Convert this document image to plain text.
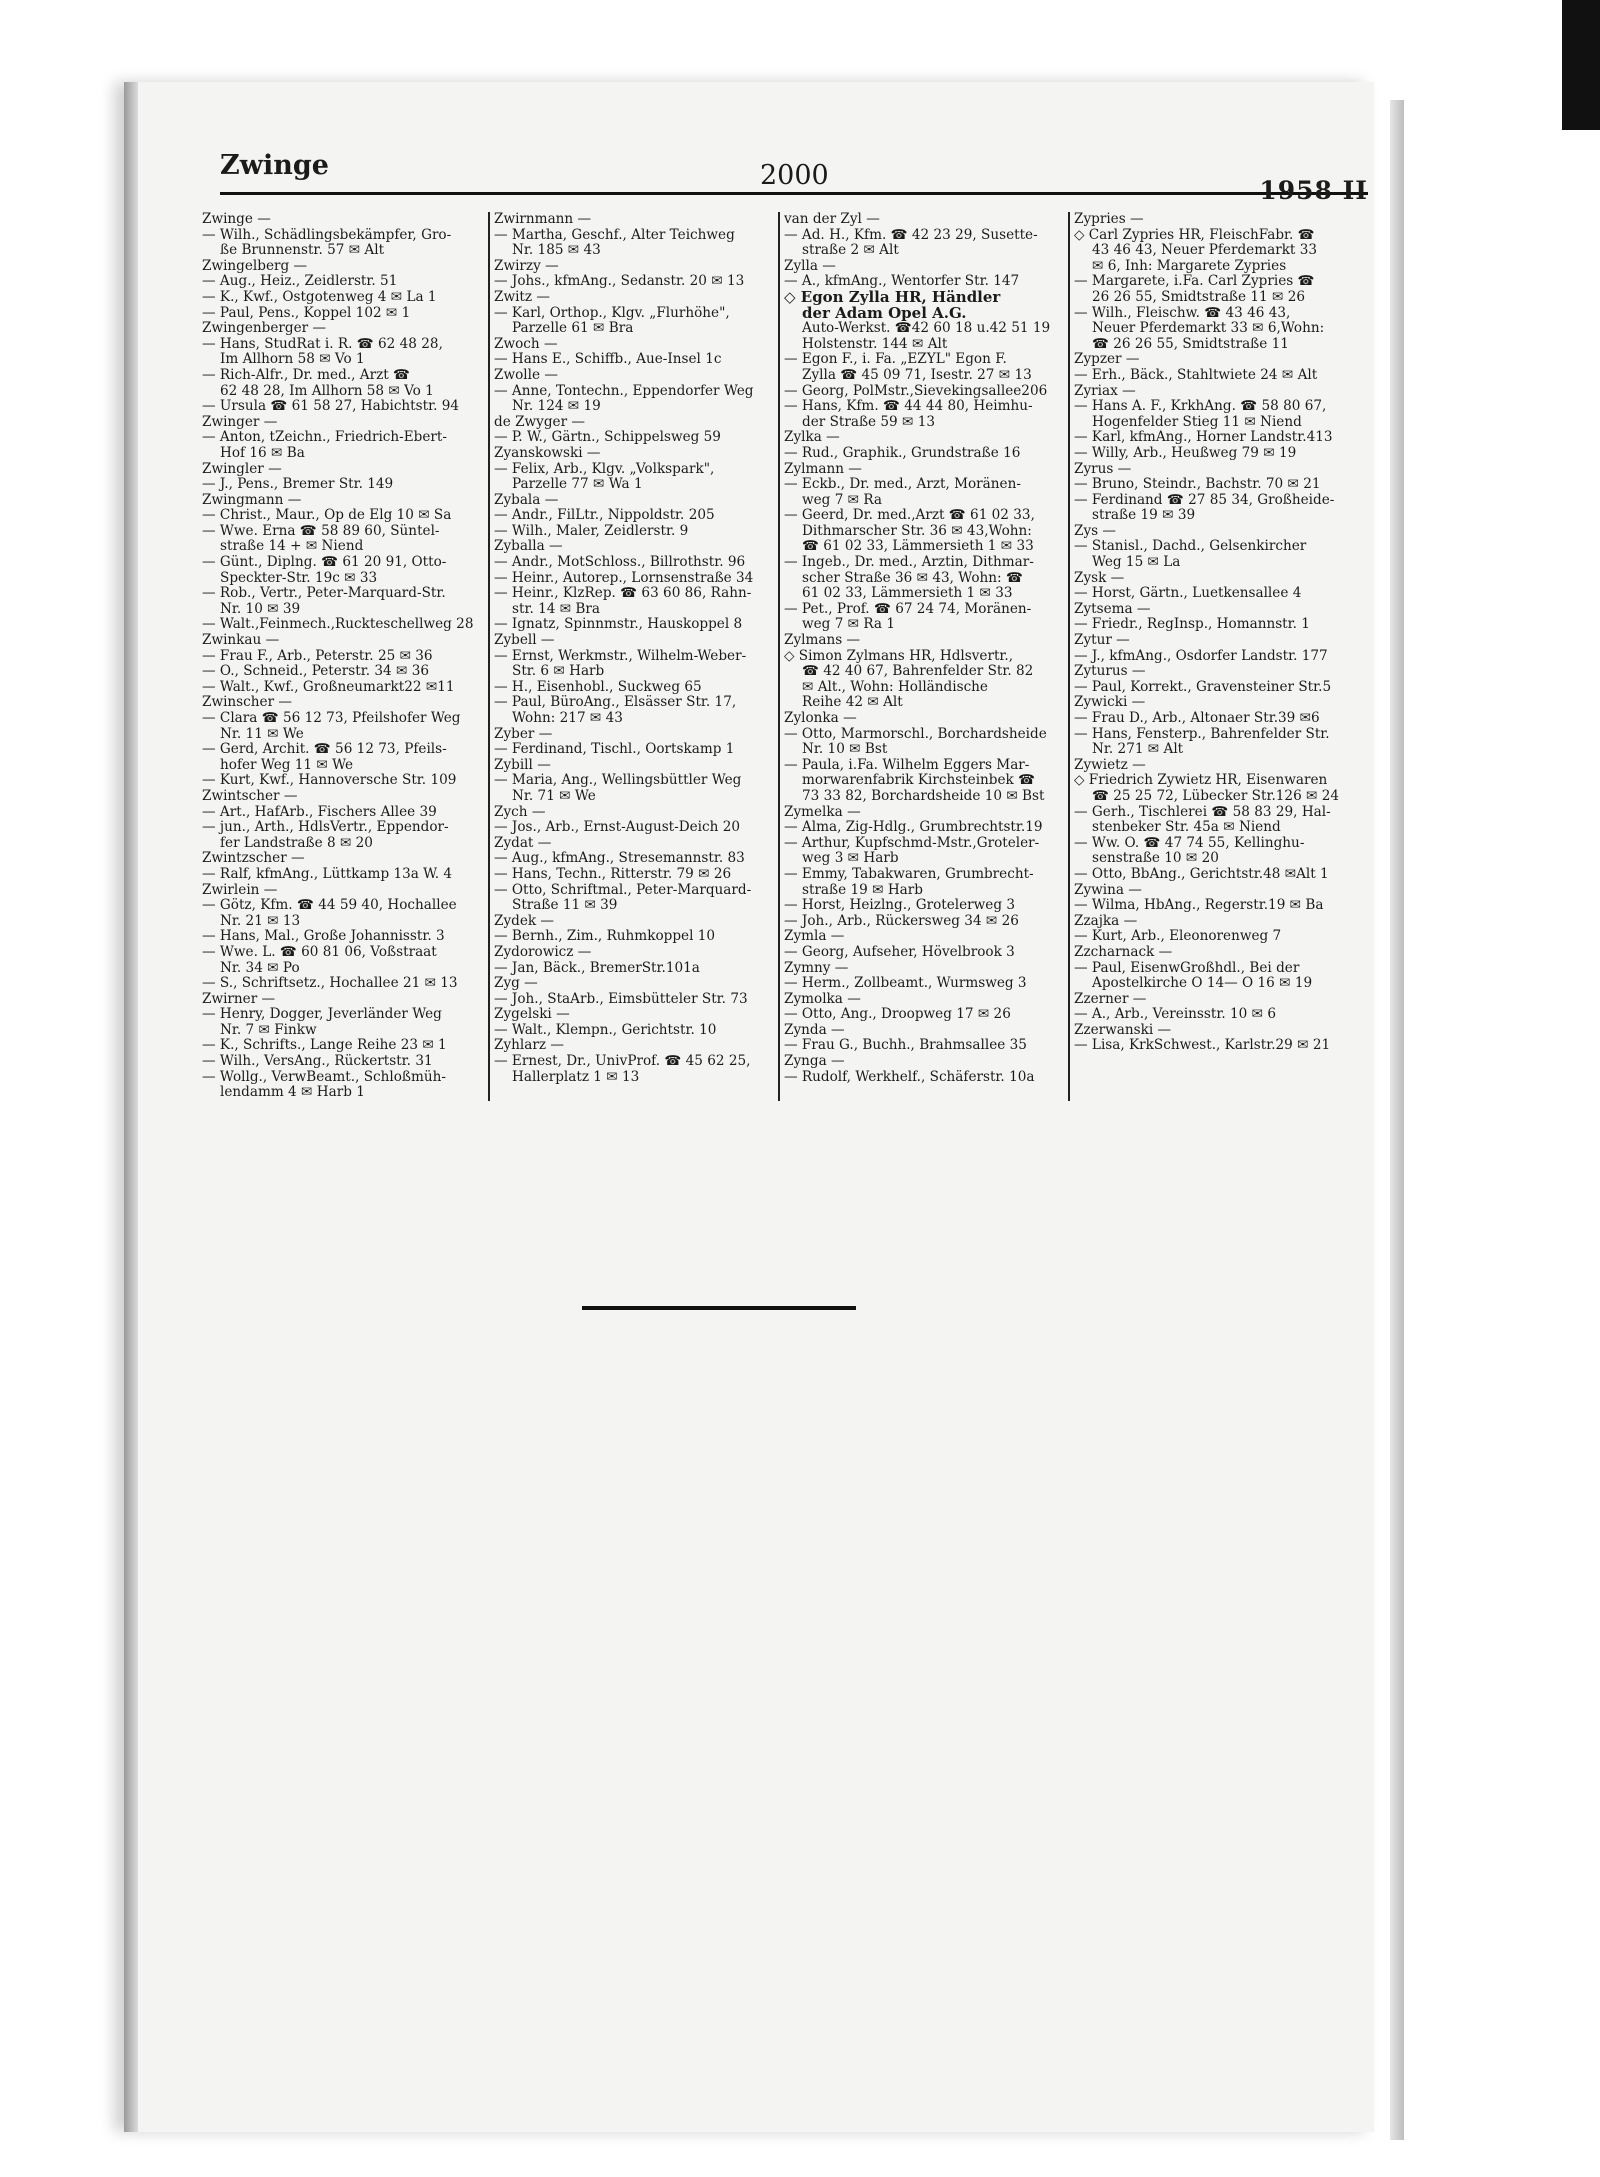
Zwinge	2000	1958 II
Zwinge —
— Wilh., Schädlingsbekämpfer, Gro-
ße Brunnenstr. 57 ✉ Alt
Zwingelberg —
— Aug., Heiz., Zeidlerstr. 51
— K., Kwf., Ostgotenweg 4 ✉ La 1
— Paul, Pens., Koppel 102 ✉ 1
Zwingenberger —
— Hans, StudRat i. R. ☎ 62 48 28,
Im Allhorn 58 ✉ Vo 1
— Rich-Alfr., Dr. med., Arzt ☎
62 48 28, Im Allhorn 58 ✉ Vo 1
— Ursula ☎ 61 58 27, Habichtstr. 94
Zwinger —
— Anton, tZeichn., Friedrich-Ebert-
Hof 16 ✉ Ba
Zwingler —
— J., Pens., Bremer Str. 149
Zwingmann —
— Christ., Maur., Op de Elg 10 ✉ Sa
— Wwe. Erna ☎ 58 89 60, Süntel-
straße 14 + ✉ Niend
— Günt., Diplng. ☎ 61 20 91, Otto-
Speckter-Str. 19c ✉ 33
— Rob., Vertr., Peter-Marquard-Str.
Nr. 10 ✉ 39
— Walt.,Feinmech.,Ruckteschellweg 28
Zwinkau —
— Frau F., Arb., Peterstr. 25 ✉ 36
— O., Schneid., Peterstr. 34 ✉ 36
— Walt., Kwf., Großneumarkt22 ✉11
Zwinscher —
— Clara ☎ 56 12 73, Pfeilshofer Weg
Nr. 11 ✉ We
— Gerd, Archit. ☎ 56 12 73, Pfeils-
hofer Weg 11 ✉ We
— Kurt, Kwf., Hannoversche Str. 109
Zwintscher —
— Art., HafArb., Fischers Allee 39
— jun., Arth., HdlsVertr., Eppendor-
fer Landstraße 8 ✉ 20
Zwintzscher —
— Ralf, kfmAng., Lüttkamp 13a W. 4
Zwirlein —
— Götz, Kfm. ☎ 44 59 40, Hochallee
Nr. 21 ✉ 13
— Hans, Mal., Große Johannisstr. 3
— Wwe. L. ☎ 60 81 06, Voßstraat
Nr. 34 ✉ Po
— S., Schriftsetz., Hochallee 21 ✉ 13
Zwirner —
— Henry, Dogger, Jeverländer Weg
Nr. 7 ✉ Finkw
— K., Schrifts., Lange Reihe 23 ✉ 1
— Wilh., VersAng., Rückertstr. 31
— Wollg., VerwBeamt., Schloßmüh-
lendamm 4 ✉ Harb 1
Zwirnmann —
— Martha, Geschf., Alter Teichweg
Nr. 185 ✉ 43
Zwirzy —
— Johs., kfmAng., Sedanstr. 20 ✉ 13
Zwitz —
— Karl, Orthop., Klgv. „Flurhöhe",
Parzelle 61 ✉ Bra
Zwoch —
— Hans E., Schiffb., Aue-Insel 1c
Zwolle —
— Anne, Tontechn., Eppendorfer Weg
Nr. 124 ✉ 19
de Zwyger —
— P. W., Gärtn., Schippelsweg 59
Zyanskowski —
— Felix, Arb., Klgv. „Volkspark",
Parzelle 77 ✉ Wa 1
Zybala —
— Andr., FilLtr., Nippoldstr. 205
— Wilh., Maler, Zeidlerstr. 9
Zyballa —
— Andr., MotSchloss., Billrothstr. 96
— Heinr., Autorep., Lornsenstraße 34
— Heinr., KlzRep. ☎ 63 60 86, Rahn-
str. 14 ✉ Bra
— Ignatz, Spinnmstr., Hauskoppel 8
Zybell —
— Ernst, Werkmstr., Wilhelm-Weber-
Str. 6 ✉ Harb
— H., Eisenhobl., Suckweg 65
— Paul, BüroAng., Elsässer Str. 17,
Wohn: 217 ✉ 43
Zyber —
— Ferdinand, Tischl., Oortskamp 1
Zybill —
— Maria, Ang., Wellingsbüttler Weg
Nr. 71 ✉ We
Zych —
— Jos., Arb., Ernst-August-Deich 20
Zydat —
— Aug., kfmAng., Stresemannstr. 83
— Hans, Techn., Ritterstr. 79 ✉ 26
— Otto, Schriftmal., Peter-Marquard-
Straße 11 ✉ 39
Zydek —
— Bernh., Zim., Ruhmkoppel 10
Zydorowicz —
— Jan, Bäck., BremerStr.101a
Zyg —
— Joh., StaArb., Eimsbütteler Str. 73
Zygelski —
— Walt., Klempn., Gerichtstr. 10
Zyhlarz —
— Ernest, Dr., UnivProf. ☎ 45 62 25,
Hallerplatz 1 ✉ 13
van der Zyl —
— Ad. H., Kfm. ☎ 42 23 29, Susette-
straße 2 ✉ Alt
Zylla —
— A., kfmAng., Wentorfer Str. 147
◇ Egon Zylla HR, Händler
der Adam Opel A.G.
Auto-Werkst. ☎42 60 18 u.42 51 19
Holstenstr. 144 ✉ Alt
— Egon F., i. Fa. „EZYL" Egon F.
Zylla ☎ 45 09 71, Isestr. 27 ✉ 13
— Georg, PolMstr.,Sievekingsallee206
— Hans, Kfm. ☎ 44 44 80, Heimhu-
der Straße 59 ✉ 13
Zylka —
— Rud., Graphik., Grundstraße 16
Zylmann —
— Eckb., Dr. med., Arzt, Moränen-
weg 7 ✉ Ra
— Geerd, Dr. med.,Arzt ☎ 61 02 33,
Dithmarscher Str. 36 ✉ 43,Wohn:
☎ 61 02 33, Lämmersieth 1 ✉ 33
— Ingeb., Dr. med., Arztin, Dithmar-
scher Straße 36 ✉ 43, Wohn: ☎
61 02 33, Lämmersieth 1 ✉ 33
— Pet., Prof. ☎ 67 24 74, Moränen-
weg 7 ✉ Ra 1
Zylmans —
◇ Simon Zylmans HR, Hdlsvertr.,
☎ 42 40 67, Bahrenfelder Str. 82
✉ Alt., Wohn: Holländische
Reihe 42 ✉ Alt
Zylonka —
— Otto, Marmorschl., Borchardsheide
Nr. 10 ✉ Bst
— Paula, i.Fa. Wilhelm Eggers Mar-
morwarenfabrik Kirchsteinbek ☎
73 33 82, Borchardsheide 10 ✉ Bst
Zymelka —
— Alma, Zig-Hdlg., Grumbrechtstr.19
— Arthur, Kupfschmd-Mstr.,Groteler-
weg 3 ✉ Harb
— Emmy, Tabakwaren, Grumbrecht-
straße 19 ✉ Harb
— Horst, Heizlng., Grotelerweg 3
— Joh., Arb., Rückersweg 34 ✉ 26
Zymla —
— Georg, Aufseher, Hövelbrook 3
Zymny —
— Herm., Zollbeamt., Wurmsweg 3
Zymolka —
— Otto, Ang., Droopweg 17 ✉ 26
Zynda —
— Frau G., Buchh., Brahmsallee 35
Zynga —
— Rudolf, Werkhelf., Schäferstr. 10a
Zypries —
◇ Carl Zypries HR, FleischFabr. ☎
43 46 43, Neuer Pferdemarkt 33
✉ 6, Inh: Margarete Zypries
— Margarete, i.Fa. Carl Zypries ☎
26 26 55, Smidtstraße 11 ✉ 26
— Wilh., Fleischw. ☎ 43 46 43,
Neuer Pferdemarkt 33 ✉ 6,Wohn:
☎ 26 26 55, Smidtstraße 11
Zypzer —
— Erh., Bäck., Stahltwiete 24 ✉ Alt
Zyriax —
— Hans A. F., KrkhAng. ☎ 58 80 67,
Hogenfelder Stieg 11 ✉ Niend
— Karl, kfmAng., Horner Landstr.413
— Willy, Arb., Heußweg 79 ✉ 19
Zyrus —
— Bruno, Steindr., Bachstr. 70 ✉ 21
— Ferdinand ☎ 27 85 34, Großheide-
straße 19 ✉ 39
Zys —
— Stanisl., Dachd., Gelsenkircher
Weg 15 ✉ La
Zysk —
— Horst, Gärtn., Luetkensallee 4
Zytsema —
— Friedr., RegInsp., Homannstr. 1
Zytur —
— J., kfmAng., Osdorfer Landstr. 177
Zyturus —
— Paul, Korrekt., Gravensteiner Str.5
Zywicki —
— Frau D., Arb., Altonaer Str.39 ✉6
— Hans, Fensterp., Bahrenfelder Str.
Nr. 271 ✉ Alt
Zywietz —
◇ Friedrich Zywietz HR, Eisenwaren
☎ 25 25 72, Lübecker Str.126 ✉ 24
— Gerh., Tischlerei ☎ 58 83 29, Hal-
stenbeker Str. 45a ✉ Niend
— Ww. O. ☎ 47 74 55, Kellinghu-
senstraße 10 ✉ 20
— Otto, BbAng., Gerichtstr.48 ✉Alt 1
Zywina —
— Wilma, HbAng., Regerstr.19 ✉ Ba
Zzajka —
— Kurt, Arb., Eleonorenweg 7
Zzcharnack —
— Paul, EisenwGroßhdl., Bei der
Apostelkirche O 14— O 16 ✉ 19
Zzerner —
— A., Arb., Vereinsstr. 10 ✉ 6
Zzerwanski —
— Lisa, KrkSchwest., Karlstr.29 ✉ 21
